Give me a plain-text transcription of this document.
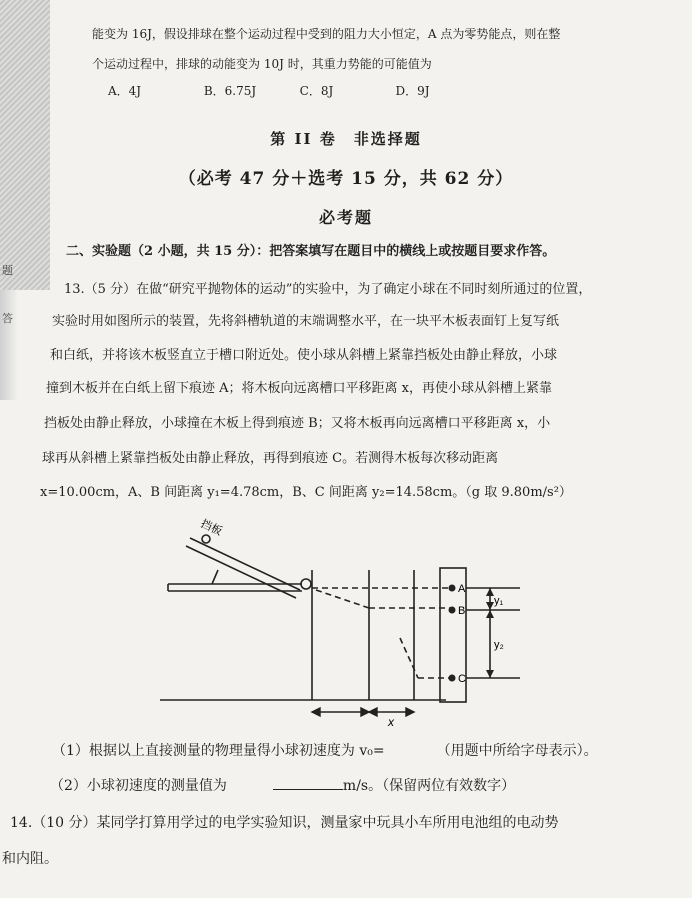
题
答
能变为 16J，假设排球在整个运动过程中受到的阻力大小恒定，A 点为零势能点，则在整
个运动过程中，排球的动能变为 10J 时，其重力势能的可能值为
A．4J	B．6.75J	C．8J	D．9J
第 II 卷　非选择题
（必考 47 分＋选考 15 分，共 62 分）
必考题
二、实验题（2 小题，共 15 分）：把答案填写在题目中的横线上或按题目要求作答。
13.（5 分）在做“研究平抛物体的运动”的实验中，为了确定小球在不同时刻所通过的位置，
实验时用如图所示的装置，先将斜槽轨道的末端调整水平，在一块平木板表面钉上复写纸
和白纸，并将该木板竖直立于槽口附近处。使小球从斜槽上紧靠挡板处由静止释放，小球
撞到木板并在白纸上留下痕迹 A；将木板向远离槽口平移距离 x，再使小球从斜槽上紧靠
挡板处由静止释放，小球撞在木板上得到痕迹 B；又将木板再向远离槽口平移距离 x，小
球再从斜槽上紧靠挡板处由静止释放，再得到痕迹 C。若测得木板每次移动距离
x=10.00cm，A、B 间距离 y₁=4.78cm，B、C 间距离 y₂=14.58cm。（g 取 9.80m/s²）
挡板
A
B
C
y₁
y₂
x
（1）根据以上直接测量的物理量得小球初速度为 v₀=	（用题中所给字母表示）。
（2）小球初速度的测量值为	m/s。（保留两位有效数字）
14.（10 分）某同学打算用学过的电学实验知识，测量家中玩具小车所用电池组的电动势
和内阻。
